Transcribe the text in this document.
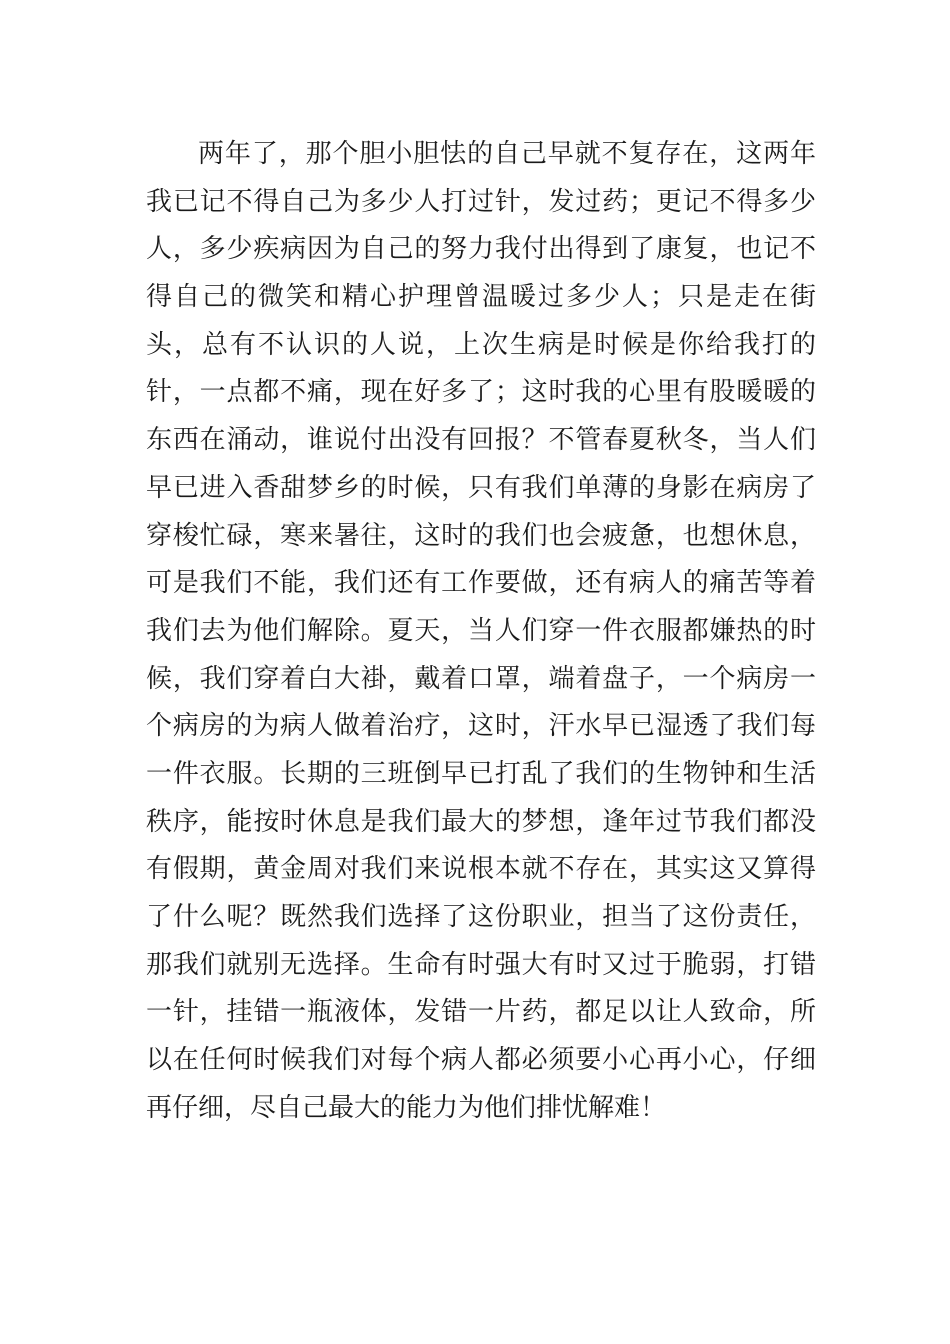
两年了，那个胆小胆怯的自己早就不复存在，这两年
我已记不得自己为多少人打过针，发过药；更记不得多少
人，多少疾病因为自己的努力我付出得到了康复，也记不
得自己的微笑和精心护理曾温暖过多少人；只是走在街
头，总有不认识的人说，上次生病是时候是你给我打的
针，一点都不痛，现在好多了；这时我的心里有股暖暖的
东西在涌动，谁说付出没有回报？不管春夏秋冬，当人们
早已进入香甜梦乡的时候，只有我们单薄的身影在病房了
穿梭忙碌，寒来暑往，这时的我们也会疲惫，也想休息，
可是我们不能，我们还有工作要做，还有病人的痛苦等着
我们去为他们解除。夏天，当人们穿一件衣服都嫌热的时
候，我们穿着白大褂，戴着口罩，端着盘子，一个病房一
个病房的为病人做着治疗，这时，汗水早已湿透了我们每
一件衣服。长期的三班倒早已打乱了我们的生物钟和生活
秩序，能按时休息是我们最大的梦想，逢年过节我们都没
有假期，黄金周对我们来说根本就不存在，其实这又算得
了什么呢？既然我们选择了这份职业，担当了这份责任，
那我们就别无选择。生命有时强大有时又过于脆弱，打错
一针，挂错一瓶液体，发错一片药，都足以让人致命，所
以在任何时候我们对每个病人都必须要小心再小心，仔细
再仔细，尽自己最大的能力为他们排忧解难！
